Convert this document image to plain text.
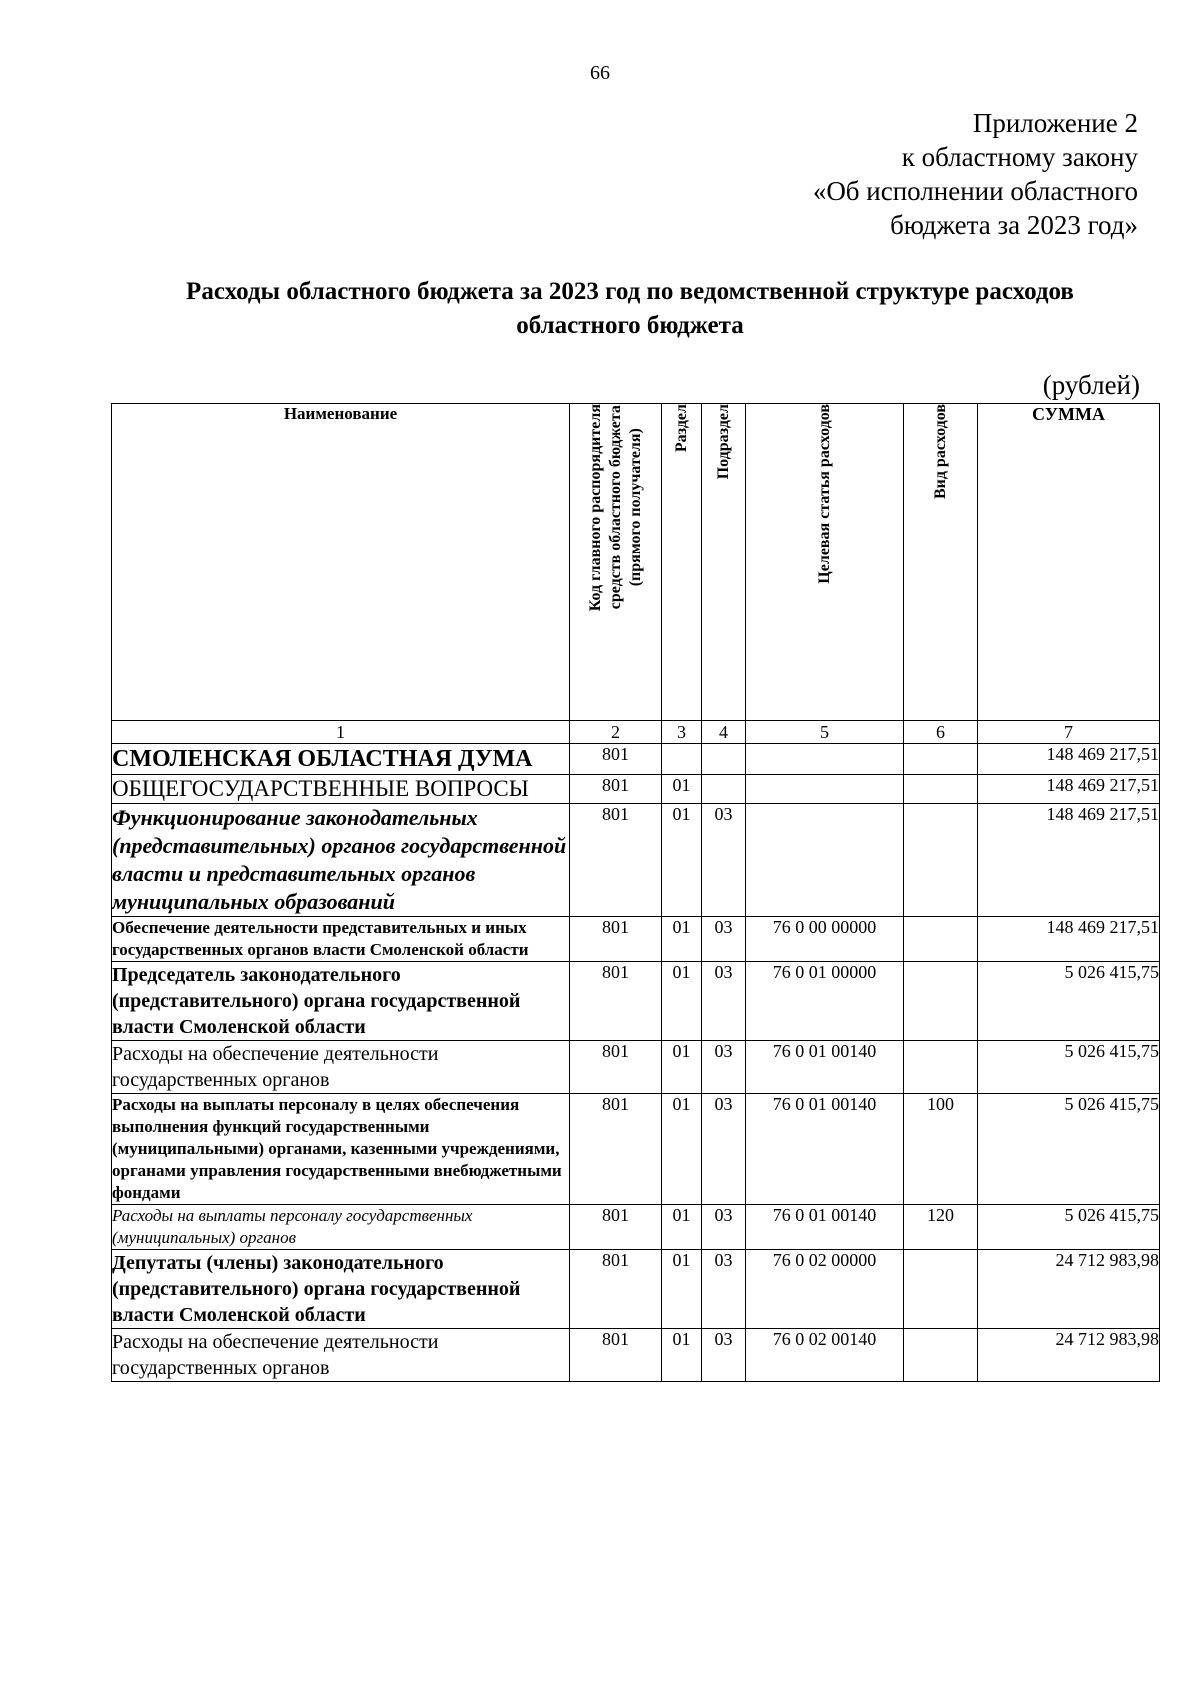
66
Приложение 2
к областному закону
«Об исполнении областного
бюджета за 2023 год»
Расходы областного бюджета за 2023 год по ведомственной структуре расходов
областного бюджета
(рублей)
Наименование	Код главного распорядителя средств областного бюджета (прямого получателя)	Раздел	Подраздел	Целевая статья расходов	Вид расходов	СУММА
1	2	3	4	5	6	7
СМОЛЕНСКАЯ ОБЛАСТНАЯ ДУМА	801					148 469 217,51
ОБЩЕГОСУДАРСТВЕННЫЕ ВОПРОСЫ	801	01				148 469 217,51
Функционирование законодательных (представительных) органов государственной власти и представительных органов муниципальных образований	801	01	03			148 469 217,51
Обеспечение деятельности представительных и иных государственных органов власти Смоленской области	801	01	03	76 0 00 00000		148 469 217,51
Председатель законодательного (представительного) органа государственной власти Смоленской области	801	01	03	76 0 01 00000		5 026 415,75
Расходы на обеспечение деятельности государственных органов	801	01	03	76 0 01 00140		5 026 415,75
Расходы на выплаты персоналу в целях обеспечения выполнения функций государственными (муниципальными) органами, казенными учреждениями, органами управления государственными внебюджетными фондами	801	01	03	76 0 01 00140	100	5 026 415,75
Расходы на выплаты персоналу государственных (муниципальных) органов	801	01	03	76 0 01 00140	120	5 026 415,75
Депутаты (члены) законодательного (представительного) органа государственной власти Смоленской области	801	01	03	76 0 02 00000		24 712 983,98
Расходы на обеспечение деятельности государственных органов	801	01	03	76 0 02 00140		24 712 983,98
